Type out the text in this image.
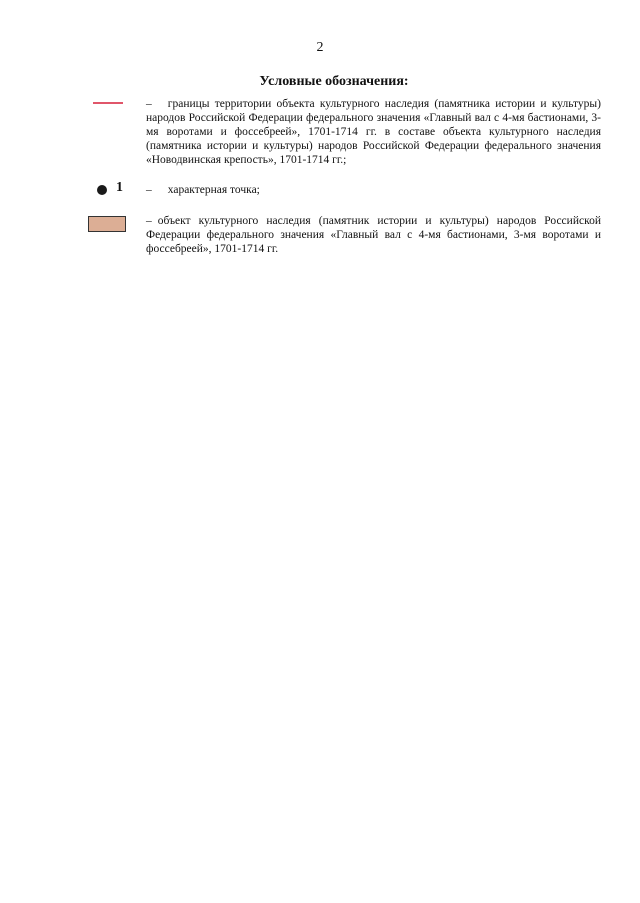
2
Условные обозначения:
– границы территории объекта культурного наследия (памятника истории и культуры) народов Российской Федерации федерального значения «Главный вал с 4-мя бастионами, 3-мя воротами и фоссебреей», 1701-1714 гг. в составе объекта культурного наследия (памятника истории и культуры) народов Российской Федерации федерального значения «Новодвинская крепость», 1701-1714 гг.;
1 – характерная точка;
– объект культурного наследия (памятник истории и культуры) народов Российской Федерации федерального значения «Главный вал с 4-мя бастионами, 3-мя воротами и фоссебреей», 1701-1714 гг.
